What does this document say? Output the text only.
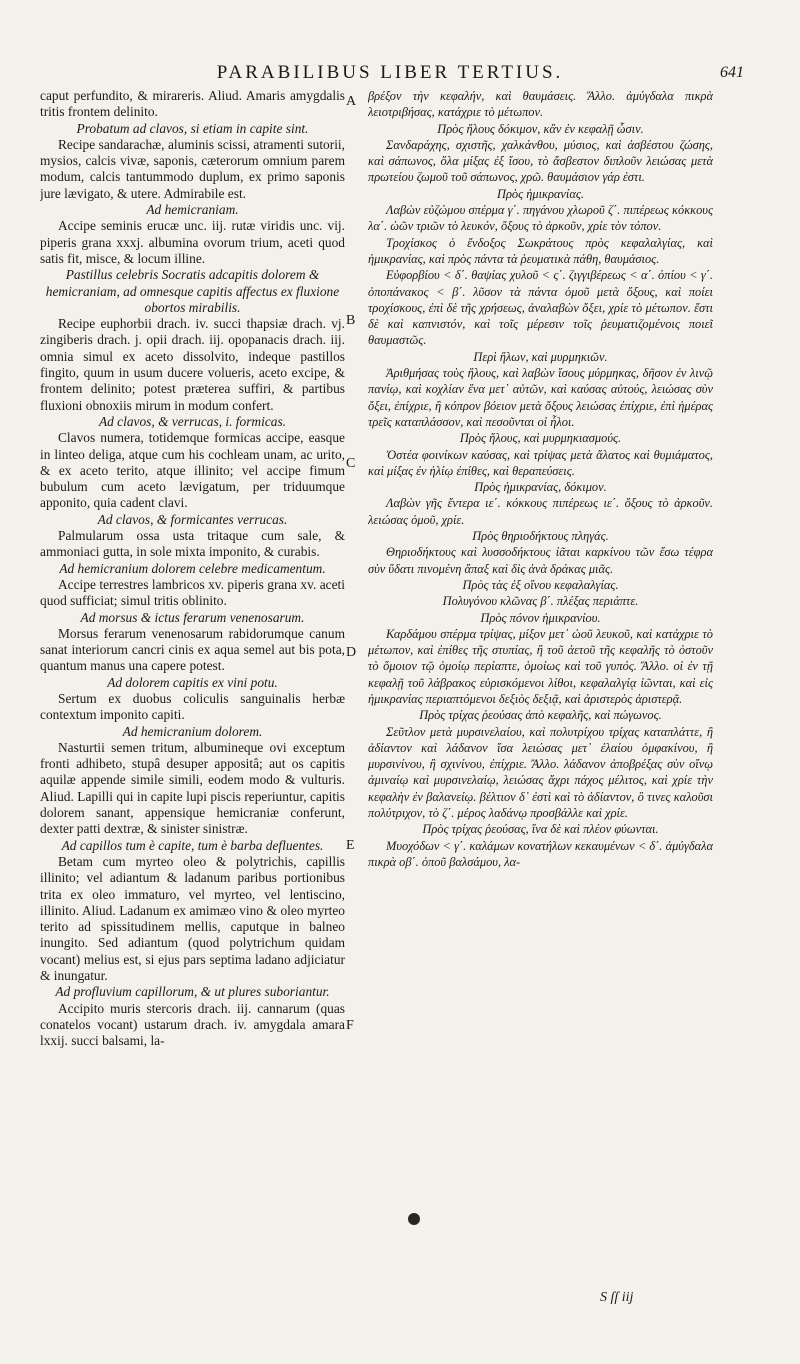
PARABILIBUS LIBER TERTIUS.	641

caput perfundito, & mirareris. Aliud. Amaris amygdalis tritis frontem delinito.

Probatum ad clavos, si etiam in capite sint.

Recipe sandarachæ, aluminis scissi, atramenti sutorii, mysios, calcis vivæ, saponis, cæterorum omnium parem modum, calcis tantummodo duplum, ex primo saponis jure lævigato, & utere. Admirabile est.

Ad hemicraniam.

Accipe seminis erucæ unc. iij. rutæ viridis unc. vij. piperis grana xxxj. albumina ovorum trium, aceti quod satis fit, misce, & locum illine.

Pastillus celebris Socratis adcapitis dolorem & hemicraniam, ad omnesque capitis affectus ex fluxione obortos mirabilis.

Recipe euphorbii drach. iv. succi thapsiæ drach. vj. zingiberis drach. j. opii drach. iij. opopanacis drach. iij. omnia simul ex aceto dissolvito, indeque pastillos fingito, quum in usum ducere volueris, aceto excipe, & frontem delinito; potest præterea suffiri, & partibus fluxioni obnoxiis mirum in modum confert.

Ad clavos, & verrucas, i. formicas.

Clavos numera, totidemque formicas accipe, easque in linteo deliga, atque cum his cochleam unam, ac urito, & ex aceto terito, atque illinito; vel accipe fimum bubulum cum aceto lævigatum, per triduumque apponito, quia cadent clavi.

Ad clavos, & formicantes verrucas.

Palmularum ossa usta tritaque cum sale, & ammoniaci gutta, in sole mixta imponito, & curabis.

Ad hemicranium dolorem celebre medicamentum.

Accipe terrestres lambricos xv. piperis grana xv. aceti quod sufficiat; simul tritis oblinito.

Ad morsus & ictus ferarum venenosarum.

Morsus ferarum venenosarum rabidorumque canum sanat interiorum cancri cinis ex aqua semel aut bis pota, quantum manus una capere potest.

Ad dolorem capitis ex vini potu.

Sertum ex duobus coliculis sanguinalis herbæ contextum imponito capiti.

Ad hemicranium dolorem.

Nasturtii semen tritum, albumineque ovi exceptum fronti adhibeto, stupâ desuper appositâ; aut os capitis aquilæ appende simile simili, eodem modo & vulturis. Aliud. Lapilli qui in capite lupi piscis reperiuntur, capitis dolorem sanant, appensique hemicraniæ conferunt, dexter patti dextræ, & sinister sinistræ.

Ad capillos tum è capite, tum è barba defluentes.

Betam cum myrteo oleo & polytrichis, capillis illinito; vel adiantum & ladanum paribus portionibus trita ex oleo immaturo, vel myrteo, vel lentiscino, illinito. Aliud. Ladanum ex amimæo vino & oleo myrteo terito ad spissitudinem mellis, caputque in balneo inungito. Sed adiantum (quod polytrichum quidam vocant) melius est, si ejus pars septima ladano adjiciatur & inungatur.

Ad profluvium capillorum, & ut plures suboriantur.

Accipito muris stercoris drach. iij. cannarum (quas conatelos vocant) ustarum drach. iv. amygdala amara lxxij. succi balsami, la-

A
B
C
D
E
F

βρέξον τὴν κεφαλήν, καὶ θαυμάσεις. Ἄλλο. ἀμύγδαλα πικρὰ λειοτριβήσας, κατάχριε τὸ μέτωπον.

Πρὸς ἥλους δόκιμον, κἂν ἐν κεφαλῇ ὦσιν.

Σανδαράχης, σχιστῆς, χαλκάνθου, μύσιος, καὶ ἀσβέστου ζώσης, καὶ σάπωνος, ὅλα μίξας ἐξ ἴσου, τὸ ἄσβεστον διπλοῦν λειώσας μετὰ πρωτείου ζωμοῦ τοῦ σάπωνος, χρῶ. θαυμάσιον γάρ ἐστι.

Πρὸς ἡμικρανίας.

Λαβὼν εὐζώμου σπέρμα γ΄. πηγάνου χλωροῦ ζ΄. πιπέρεως κόκκους λα΄. ὠῶν τριῶν τὸ λευκόν, ὄξους τὸ ἀρκοῦν, χρίε τὸν τόπον.

Τροχίσκος ὁ ἔνδοξος Σωκράτους πρὸς κεφαλαλγίας, καὶ ἡμικρανίας, καὶ πρὸς πάντα τὰ ῥευματικὰ πάθη, θαυμάσιος.

Εὐφορβίου < δ΄. θαψίας χυλοῦ < ς΄. ζιγγιβέρεως < α΄. ὀπίου < γ΄. ὀποπάνακος < β΄. λῦσον τὰ πάντα ὁμοῦ μετὰ ὄξους, καὶ ποίει τροχίσκους, ἐπὶ δὲ τῆς χρήσεως, ἀναλαβὼν ὄξει, χρίε τὸ μέτωπον. ἔστι δὲ καὶ καπνιστόν, καὶ τοῖς μέρεσιν τοῖς ῥευματιζομένοις ποιεῖ θαυμαστῶς.

Περὶ ἥλων, καὶ μυρμηκιῶν.

Ἀριθμήσας τοὺς ἥλους, καὶ λαβὼν ἴσους μύρμηκας, δῆσον ἐν λινῷ πανίῳ, καὶ κοχλίαν ἕνα μετ᾽ αὐτῶν, καὶ καύσας αὐτούς, λειώσας σὺν ὄξει, ἐπίχριε, ἢ κόπρον βόειον μετὰ ὄξους λειώσας ἐπίχριε, ἐπὶ ἡμέρας τρεῖς καταπλάσσον, καὶ πεσοῦνται οἱ ἧλοι.

Πρὸς ἥλους, καὶ μυρμηκιασμούς.

Ὀστέα φοινίκων καύσας, καὶ τρίψας μετὰ ἅλατος καὶ θυμιάματος, καὶ μίξας ἐν ἡλίῳ ἐπίθες, καὶ θεραπεύσεις.

Πρὸς ἡμικρανίας, δόκιμον.

Λαβὼν γῆς ἔντερα ιε΄. κόκκους πιπέρεως ιε΄. ὄξους τὸ ἀρκοῦν. λειώσας ὁμοῦ, χρίε.

Πρὸς θηριοδήκτους πληγάς.

Θηριοδήκτους καὶ λυσσοδήκτους ἰᾶται καρκίνου τῶν ἔσω τέφρα σὺν ὕδατι πινομένη ἅπαξ καὶ δὶς ἀνὰ δράκας μιᾶς.

Πρὸς τὰς ἐξ οἴνου κεφαλαλγίας.

Πολυγόνου κλῶνας β΄. πλέξας περιάπτε.

Πρὸς πόνον ἡμικρανίου.

Καρδάμου σπέρμα τρίψας, μίξον μετ᾽ ὠοῦ λευκοῦ, καὶ κατάχριε τὸ μέτωπον, καὶ ἐπίθες τῆς στυπίας, ἢ τοῦ ἀετοῦ τῆς κεφαλῆς τὸ ὀστοῦν τὸ ὅμοιον τῷ ὁμοίῳ περίαπτε, ὁμοίως καὶ τοῦ γυπός. Ἄλλο. οἱ ἐν τῇ κεφαλῇ τοῦ λάβρακος εὑρισκόμενοι λίθοι, κεφαλαλγίᾳ ἰῶνται, καὶ εἰς ἡμικρανίας περιαπτόμενοι δεξιὸς δεξιᾷ, καὶ ἀριστερὸς ἀριστερᾷ.

Πρὸς τρίχας ῥεούσας ἀπὸ κεφαλῆς, καὶ πώγωνος.

Σεῦτλον μετὰ μυρσινελαίου, καὶ πολυτρίχου τρίχας καταπλάττε, ἢ ἀδίαντον καὶ λάδανον ἴσα λειώσας μετ᾽ ἐλαίου ὀμφακίνου, ἢ μυρσινίνου, ἢ σχινίνου, ἐπίχριε. Ἄλλο. λάδανον ἀποβρέξας σὺν οἴνῳ ἀμιναίῳ καὶ μυρσινελαίῳ, λειώσας ἄχρι πάχος μέλιτος, καὶ χρίε τὴν κεφαλὴν ἐν βαλανείῳ. βέλτιον δ᾽ ἐστὶ καὶ τὸ ἀδίαντον, ὃ τινες καλοῦσι πολύτριχον, τὸ ζ΄. μέρος λαδάνῳ προσβάλλε καὶ χρίε.

Πρὸς τρίχας ῥεούσας, ἵνα δὲ καὶ πλέον φύωνται.

Μυοχόδων < γ΄. καλάμων κονατήλων κεκαυμένων < δ΄. ἀμύγδαλα πικρὰ οβ΄. ὀποῦ βαλσάμου, λα-

S ſſ iij
